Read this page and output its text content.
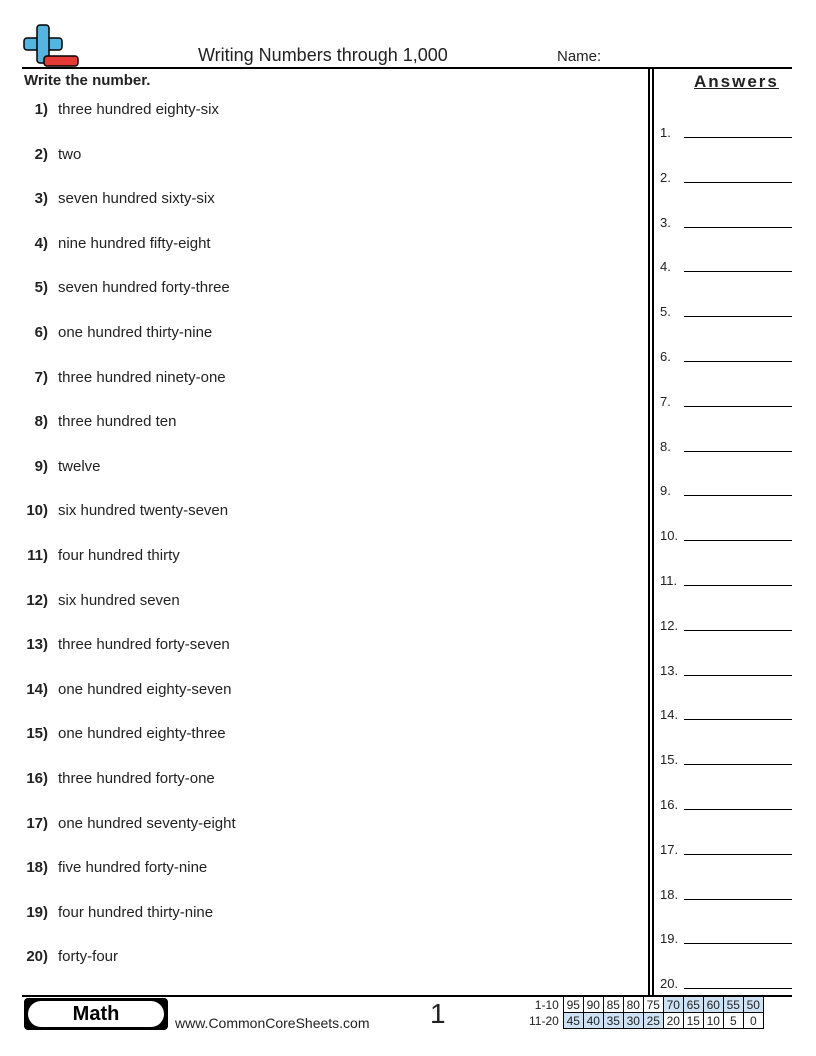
Writing Numbers through 1,000	Name:
Write the number.	Answers
1) three hundred eighty-six
2) two
3) seven hundred sixty-six
4) nine hundred fifty-eight
5) seven hundred forty-three
6) one hundred thirty-nine
7) three hundred ninety-one
8) three hundred ten
9) twelve
10) six hundred twenty-seven
11) four hundred thirty
12) six hundred seven
13) three hundred forty-seven
14) one hundred eighty-seven
15) one hundred eighty-three
16) three hundred forty-one
17) one hundred seventy-eight
18) five hundred forty-nine
19) four hundred thirty-nine
20) forty-four
1.
2.
3.
4.
5.
6.
7.
8.
9.
10.
11.
12.
13.
14.
15.
16.
17.
18.
19.
20.
Math	www.CommonCoreSheets.com 1	1-10	95	90	85	80	75	70	65	60	55	50
11-20	45	40	35	30	25	20	15	10	5	0
